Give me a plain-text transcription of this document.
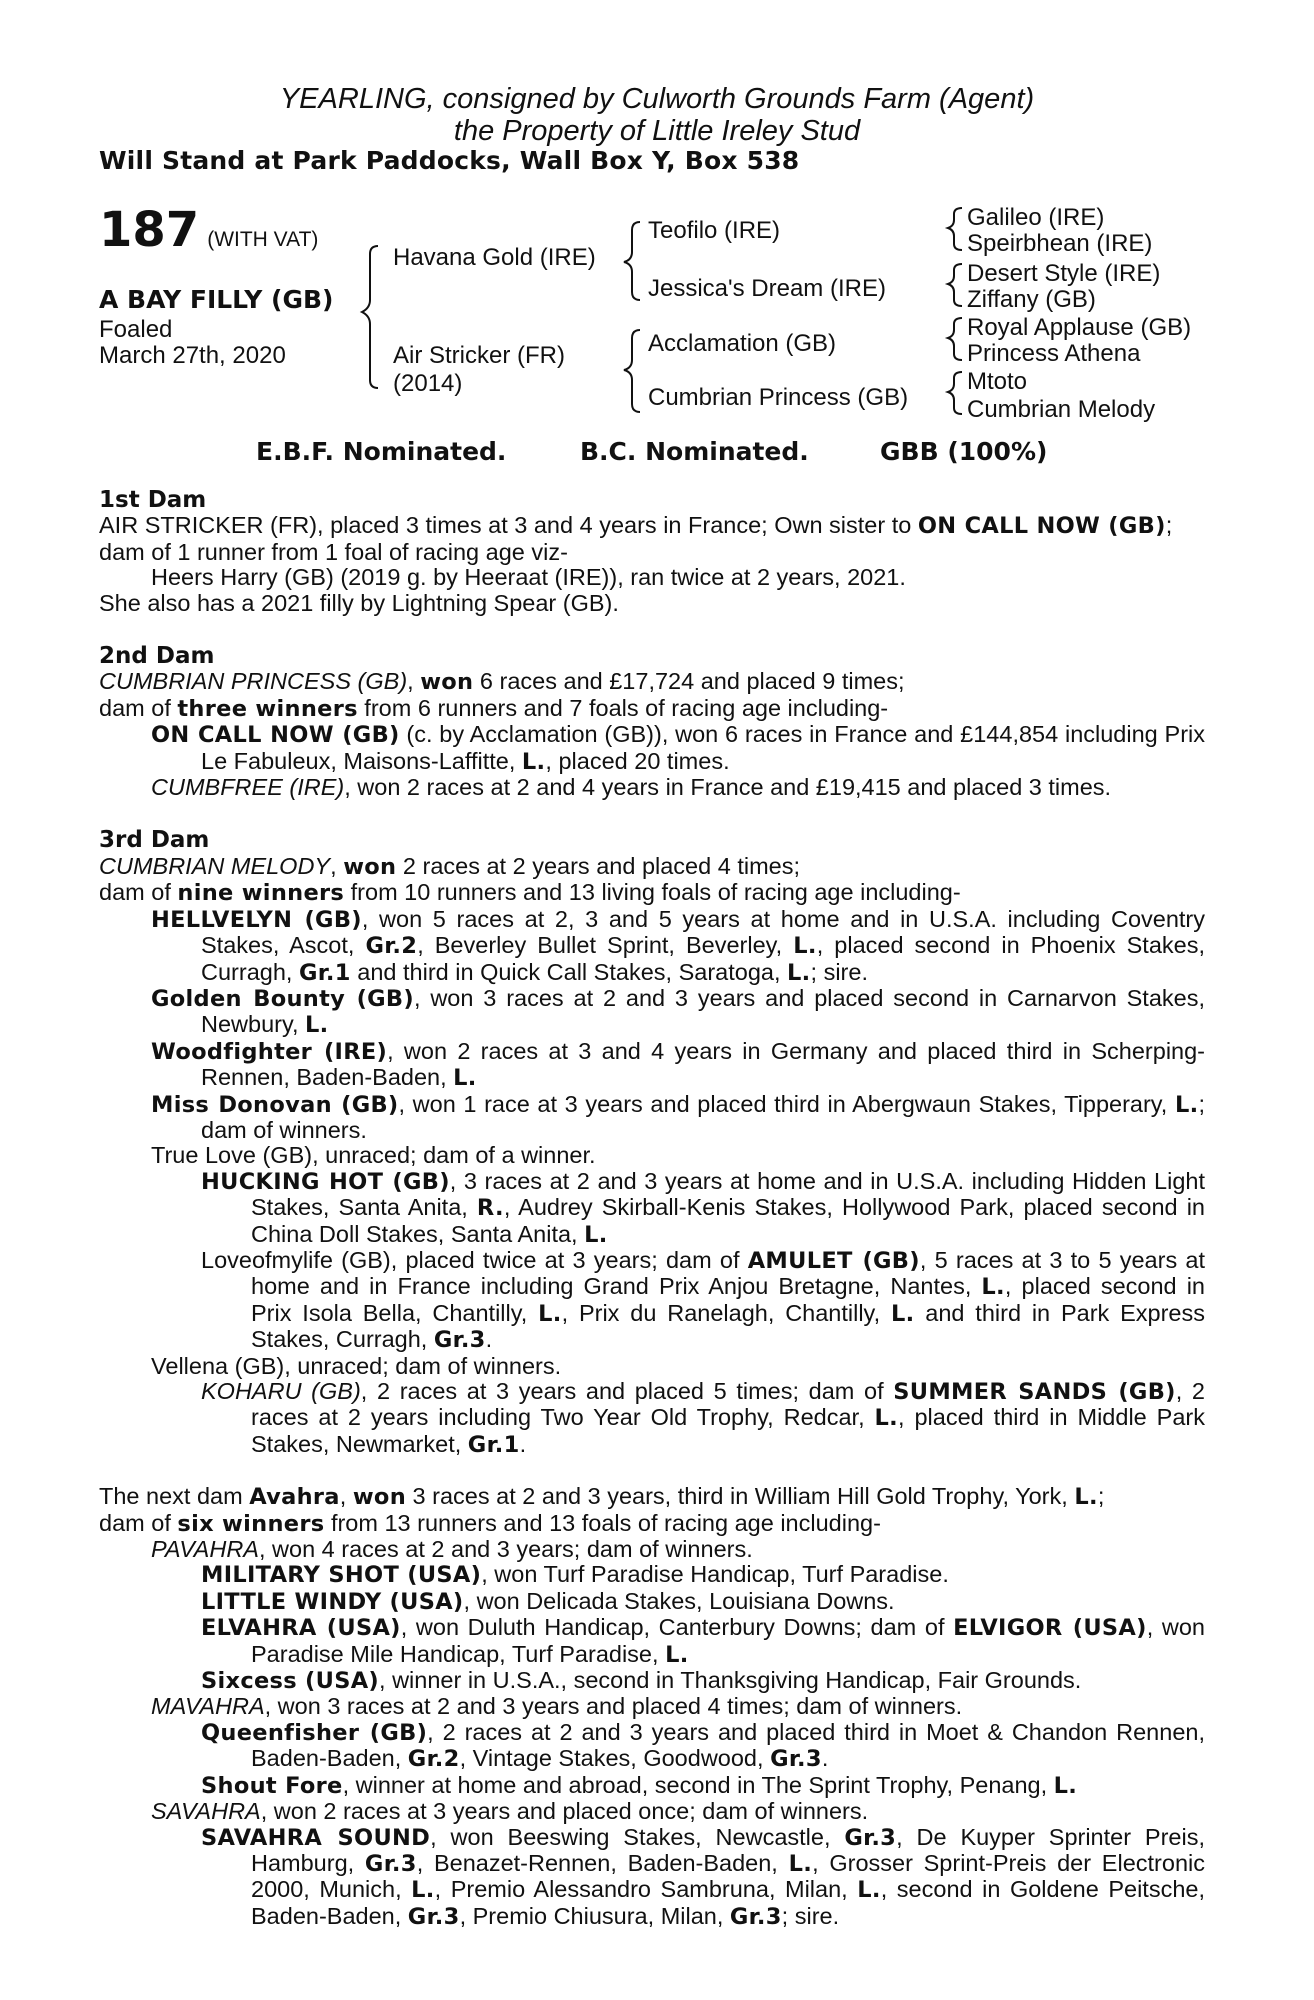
YEARLING, consigned by Culworth Grounds Farm (Agent)
the Property of Little Ireley Stud
Will Stand at Park Paddocks, Wall Box Y, Box 538
187 (WITH VAT)
A BAY FILLY (GB)
Foaled
March 27th, 2020
Havana Gold (IRE)
Air Stricker (FR)
(2014)
Teofilo (IRE)
Jessica's Dream (IRE)
Acclamation (GB)
Cumbrian Princess (GB)
Galileo (IRE)
Speirbhean (IRE)
Desert Style (IRE)
Ziffany (GB)
Royal Applause (GB)
Princess Athena
Mtoto
Cumbrian Melody
E.B.F. Nominated.	B.C. Nominated.	GBB (100%)
1st Dam
AIR STRICKER (FR), placed 3 times at 3 and 4 years in France; Own sister to ON CALL NOW (GB);
dam of 1 runner from 1 foal of racing age viz-
Heers Harry (GB) (2019 g. by Heeraat (IRE)), ran twice at 2 years, 2021.
She also has a 2021 filly by Lightning Spear (GB).
2nd Dam
CUMBRIAN PRINCESS (GB), won 6 races and £17,724 and placed 9 times;
dam of three winners from 6 runners and 7 foals of racing age including-
ON CALL NOW (GB) (c. by Acclamation (GB)), won 6 races in France and £144,854 including Prix Le Fabuleux, Maisons-Laffitte, L., placed 20 times.
CUMBFREE (IRE), won 2 races at 2 and 4 years in France and £19,415 and placed 3 times.
3rd Dam
CUMBRIAN MELODY, won 2 races at 2 years and placed 4 times;
dam of nine winners from 10 runners and 13 living foals of racing age including-
HELLVELYN (GB), won 5 races at 2, 3 and 5 years at home and in U.S.A. including Coventry Stakes, Ascot, Gr.2, Beverley Bullet Sprint, Beverley, L., placed second in Phoenix Stakes, Curragh, Gr.1 and third in Quick Call Stakes, Saratoga, L.; sire.
Golden Bounty (GB), won 3 races at 2 and 3 years and placed second in Carnarvon Stakes, Newbury, L.
Woodfighter (IRE), won 2 races at 3 and 4 years in Germany and placed third in Scherping-Rennen, Baden-Baden, L.
Miss Donovan (GB), won 1 race at 3 years and placed third in Abergwaun Stakes, Tipperary, L.; dam of winners.
True Love (GB), unraced; dam of a winner.
HUCKING HOT (GB), 3 races at 2 and 3 years at home and in U.S.A. including Hidden Light Stakes, Santa Anita, R., Audrey Skirball-Kenis Stakes, Hollywood Park, placed second in China Doll Stakes, Santa Anita, L.
Loveofmylife (GB), placed twice at 3 years; dam of AMULET (GB), 5 races at 3 to 5 years at home and in France including Grand Prix Anjou Bretagne, Nantes, L., placed second in Prix Isola Bella, Chantilly, L., Prix du Ranelagh, Chantilly, L. and third in Park Express Stakes, Curragh, Gr.3.
Vellena (GB), unraced; dam of winners.
KOHARU (GB), 2 races at 3 years and placed 5 times; dam of SUMMER SANDS (GB), 2 races at 2 years including Two Year Old Trophy, Redcar, L., placed third in Middle Park Stakes, Newmarket, Gr.1.
The next dam Avahra, won 3 races at 2 and 3 years, third in William Hill Gold Trophy, York, L.;
dam of six winners from 13 runners and 13 foals of racing age including-
PAVAHRA, won 4 races at 2 and 3 years; dam of winners.
MILITARY SHOT (USA), won Turf Paradise Handicap, Turf Paradise.
LITTLE WINDY (USA), won Delicada Stakes, Louisiana Downs.
ELVAHRA (USA), won Duluth Handicap, Canterbury Downs; dam of ELVIGOR (USA), won Paradise Mile Handicap, Turf Paradise, L.
Sixcess (USA), winner in U.S.A., second in Thanksgiving Handicap, Fair Grounds.
MAVAHRA, won 3 races at 2 and 3 years and placed 4 times; dam of winners.
Queenfisher (GB), 2 races at 2 and 3 years and placed third in Moet & Chandon Rennen, Baden-Baden, Gr.2, Vintage Stakes, Goodwood, Gr.3.
Shout Fore, winner at home and abroad, second in The Sprint Trophy, Penang, L.
SAVAHRA, won 2 races at 3 years and placed once; dam of winners.
SAVAHRA SOUND, won Beeswing Stakes, Newcastle, Gr.3, De Kuyper Sprinter Preis, Hamburg, Gr.3, Benazet-Rennen, Baden-Baden, L., Grosser Sprint-Preis der Electronic 2000, Munich, L., Premio Alessandro Sambruna, Milan, L., second in Goldene Peitsche, Baden-Baden, Gr.3, Premio Chiusura, Milan, Gr.3; sire.
